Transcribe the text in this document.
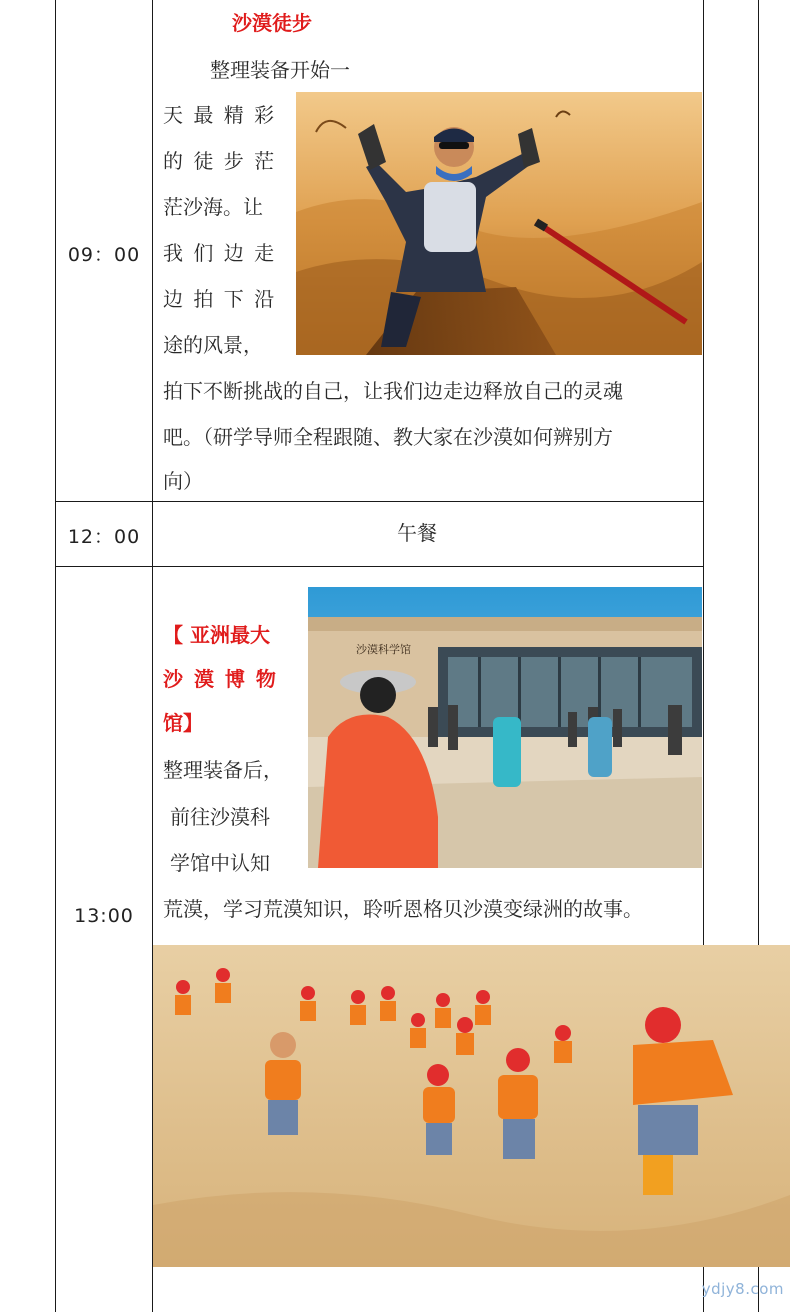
09：00
沙漠徒步
整理装备开始一
天 最 精 彩
的 徒 步 茫
茫沙海。让
我 们 边 走
边 拍 下 沿
途的风景，
拍下不断挑战的自己，让我们边走边释放自己的灵魂
吧。（研学导师全程跟随、教大家在沙漠如何辨别方
向）
12：00	午餐
13:00
【 亚洲最大
沙 漠 博 物
馆】
整理装备后，
前往沙漠科
学馆中认知
荒漠，学习荒漠知识，聆听恩格贝沙漠变绿洲的故事。
沙漠科学馆
ydjy8.com
